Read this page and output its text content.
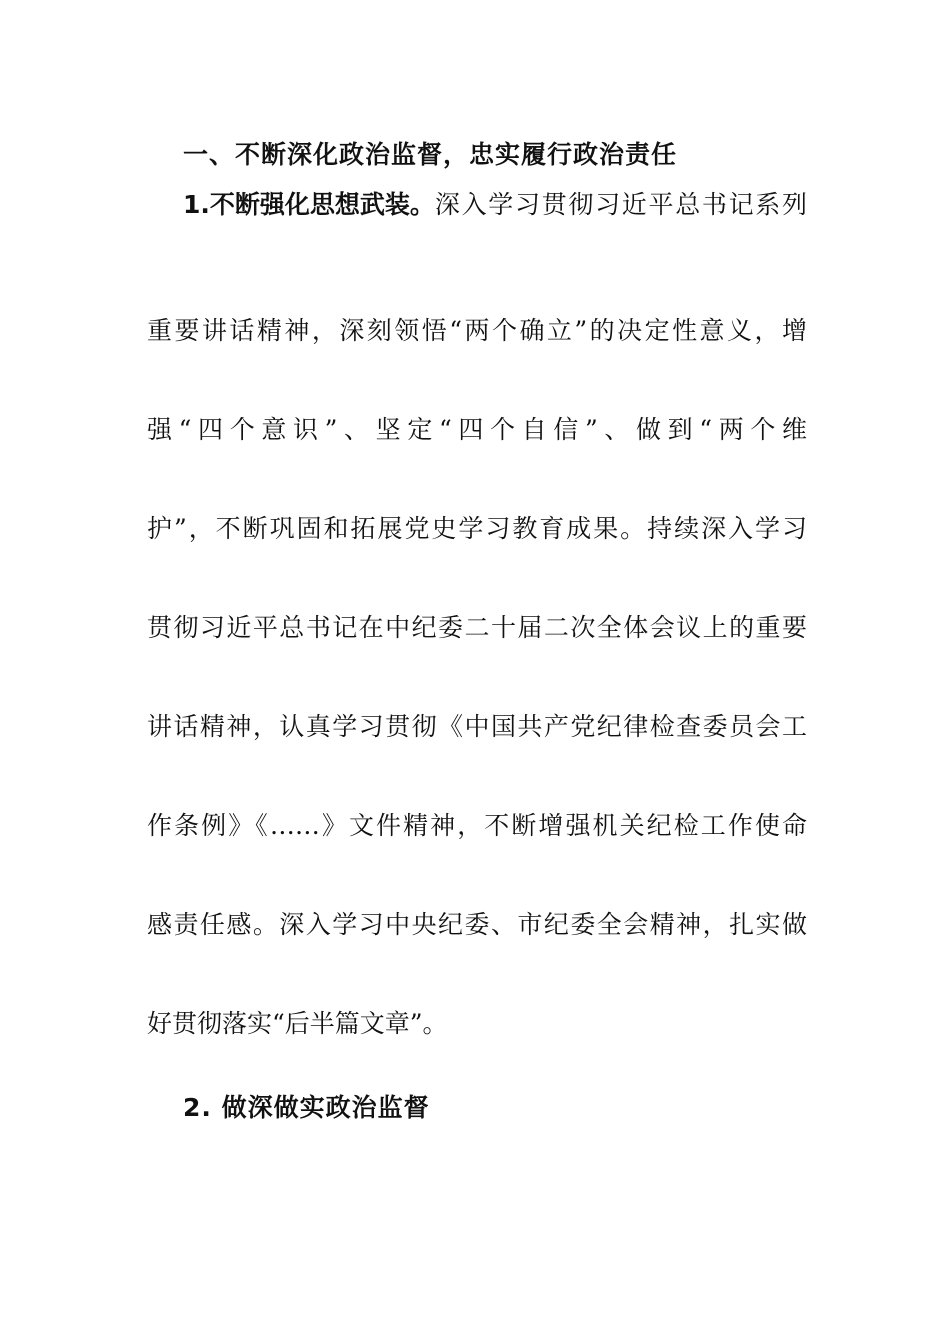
一、不断深化政治监督，忠实履行政治责任
1.不断强化思想武装。 深入学习贯彻习近平总书记系列
重要讲话精神，深刻领悟“两个确立”的决定性意义，增
强“四个意识”、坚定“四个自信”、做到“两个维
护”，不断巩固和拓展党史学习教育成果。持续深入学习
贯彻习近平总书记在中纪委二十届二次全体会议上的重要
讲话精神，认真学习贯彻《中国共产党纪律检查委员会工
作条例》《……》文件精神，不断增强机关纪检工作使命
感责任感。深入学习中央纪委、市纪委全会精神，扎实做
好贯彻落实“后半篇文章”。
2. 做深做实政治监督
